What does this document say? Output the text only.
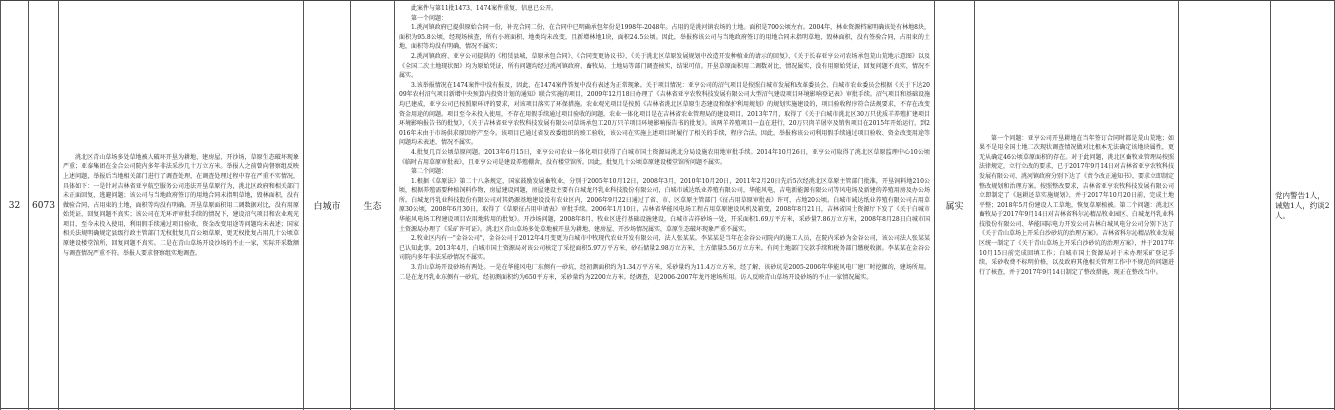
32 6073

洮北区青山草场多处草地被人破坏开垦为耕地、建房屋、开沙场，草原生态破坏现象严重；亚泰集团在金合公司院内多年非法采沙几十万立方米。举报人之前曾向督察组反映上述问题，举报后当地相关部门进行了调查处理，在调查处理过程中存在严重不实情况，具体如下：一是针对吉林省亚亨航空服务公司违法开垦草原行为，洮北区政府和相关部门未正面回复，逃避问题；该公司与当地政府签订的用地合同未指明草地，毁林面积，没有做验合同，占用束的土地，面积等均没有明确。开垦草原面积用二调数据对比，没有用原始凭证，回复问题不真实；该公司在无环评审批手续的情况下，建设沼气项目和农业观光项目，至今未投入使用，利用假手续通过项目验收，资金改变用途等问题均未表述；国家相关法规明确规定县级行政主管部门无权批复几百公顷草原，更无权批复占用几十公顷草原建设楼堂馆所，回复问题不真实。二是在青山草场开设沙场的不止一家，实际开采数额与调查情况严重不符。举报人要求督察组实地调查。

白城市	生态

此案件与第11批1473、1474案件重复，信息已公开。

第一个问题：

1.洮河镇政府已提供原始合同一份，补充合同二份，在合同中已明确承包年份是1998年-2048年。占用的是洮河镇农场的土地。面积是700公顷左右。2004年，林业资源档案明确该处有林地8块，面积为95.8公顷，经现场核查，所有小班面积、地类均未改变，且新增林地1块，面积24.5公顷。因此，举报称该公司与当地政府签订的用地合同未指明草地，毁林面积，没有签验合同，占用束的土地，面积等均没有明确，情况不属实；

2.洮河镇政府、亚亨公司提供的《租赁县城，草原承包合同》、《合同变更协议书》、《关于洮北区草原发展规划中改造开发种植业的请示的回复》、《关于长春亚亨公司农场承包荒山荒地示意图》以及《全国二次土地现状图》均为原始凭证，所有问题均经过洮河镇政府、畜牧局、土地局等部门调查核实，结果可信。开垦草原面积用二调数对比，情况属实，没有用原始凭证，回复问题不真实，情况不属实。

3.该举报情况在1474案件中没有报及，因此，在1474案件答复中没有表述为正常现象。关于项目情况：亚亨公司的沼气项目是按照白城市发展和改革委员会、白城市农业委员会根据《关于下达2009年农村沼气项目新增中央预算内投资计划的通知》联合实施的项目，2009年12月18日办理了《吉林省亚亨农牧科技发展有限公司大型沼气建设项目环境影响登记表》审批手续。沼气项目和基础设施均已建成，亚亨公司已按照原环评的要求，对该项目落实了环保措施。农业观光项目是按照《吉林省洮北区草原生态建设和保护利用规划》的规划实施建设的，项目验收程序符合法规要求，不存在改变资金用途的问题。项目至今未投入使用，不存在用假手续通过项目验收的问题。农业一体化项目是在吉林省农业管理局的建设项目，2013年7月，取得了《关于白城市洮北区30万只优质羊养殖扩建项目环境影响报告书的批复》，《关于吉林省亚亨农牧科技发展有限公司草场承包工20万只羊项目环境影响报告书的批复》。该两羊养殖项目一直在进行，20万只肉羊屠宰及销售项目在2015年开始运行，到2016年末由于市场供求原因停产至今。该项目已通过省发改委组织的竣工验收，该公司在实施上述项目时履行了相关的手续，程序合法。因此，举报称该公司利用假手续通过项目验收、资金改变用途等问题均未表述，情况不属实。

4.批复几百公顷草原问题。2013年6月15日，亚亨公司农业一体化项目获得了白城市国土资源局洮北分局设施农用地审批手续。2014年10月26日，亚亨公司取得了洮北区草原监理中心10公顷《临时占用草原审批表》，且亚亨公司是建设养殖棚舍，没有楼堂馆所。因此，批复几十公顷草原建设楼堂馆所问题不属实。

第二个问题：

1.根据《草原法》第二十八条规定，国家鼓励发展畜牧业，分别于2005年10月12日，2008年3月，2010年10月20日，2011年2月20日先后5次经洮北区草原主管部门批准，开垦饲料地210公顷，根据养殖需要种植饲料作物，房屋建设问题，房屋建设主要有白城龙丹乳业科技股份有限公司，白城市诚达纸业养殖有限公司，华能风电，吉电新能源有限公司等风电场及新建的养殖用房及办公场所。白城龙丹乳业科技股份有限公司对其奶源基地建设没有农业区内，2006年9月22日通过了省、市、区草原主管部门《征占用草原审批表》许可，占地20公顷。白城市诚达纸业养殖有限公司占用草原30公顷，2008年6月30日，取得了《草原征占用申请表》审批手续。2006年1月10日，吉林省华能风电场工程占用草原建设风机及箱变，2008年8月21日，吉林省国土资源厅下发了《关于白城市华能风电场工程建设项目农用地转用的批复》。开沙场问题，2008年8月，牧业区进行基础设施建设，白城市吉祥砂场一处，开采面积1.69万平方米，采砂量7.86万立方米，2008年8月28日白城市国土资源局办理了《采矿许可证》。洮北区青山草场多处草地被开垦为耕地、建房屋、开沙场情况属实，草原生态破坏现象严重不属实。

2.牧业区内有一"金谷公司"，金谷公司于2012年4月变更为白城市中牧现代农业开发有限公司，法人张某某。李某某是当年在金谷公司院内的施工人员，在院内采砂为金谷公司，该公司法人张某某已认知此事。2013年4月，白城市国土资源局对该公司核定了采挖面积5.97万平方米，砂石储量2.98万立方米，土方储量5.56万立方米。有问土地部门交款手续和税务部门缴税收据。李某某在金谷公司院内多年非法采砂情况不属实。

3.青山草场开设砂场有两处。一是在华能风电厂东侧有一砂坑，经初测面积约为1.34万平方米，采砂量约为11.4万立方米，经了解，该砂坑是2005-2006年华能风电厂建厂时挖掘的，建场所用。二是在龙丹乳业东侧有一砂坑，经初测面积约为650平方米，采砂量约为2200立方米。经调查，是2006-2007年龙丹建场所用。访人反映青山草场开设砂场的不止一家情况属实。

属实

第一个问题：亚亨公司开垦耕地在当年签订合同时都是荒山荒地；如果不是用全国土地二次现状调查情况做对比根本无法确定该地块属性，更无从确定46公顷草原面积的存在。对于此问题，洮北区畜牧业管理局按照法律规定，立行立改的要求，已于2017年9月14日对吉林省亚亨农牧科技发展有限公司、洮河镇政府分别下达了《责令改正通知书》，要求立即制定整改规划和治理方案。按照整改要求，吉林省亚亨农牧科技发展有限公司立即制定了《退耕还草实施规划》，并于2017年10月20日前，完成土地平整；2018年5月份建设人工草地，恢复草原植被。第二个问题：洮北区畜牧局于2017年9月14日对吉林省科尔沁精品牧业园区、白城龙丹乳业科技股份有限公司、华能国际电力开发公司吉林白城风电分公司分别下达了《关于青山草场上开采白沙砂坑的治理方案》。吉林省科尔沁精品牧业发展区统一制定了《关于青山草场上开采白沙砂坑的治理方案》，并于2017年10月15日前完成回填工作；白城市国土资源局对于未办理采矿登记手续，采砂收费不标明价格，以及政府其他相关管理工作中不规范的问题进行了核查，并于2017年9月14日制定了整改措施，现正在整改当中。

党内警告1人，诫勉1人，约谈2人。
